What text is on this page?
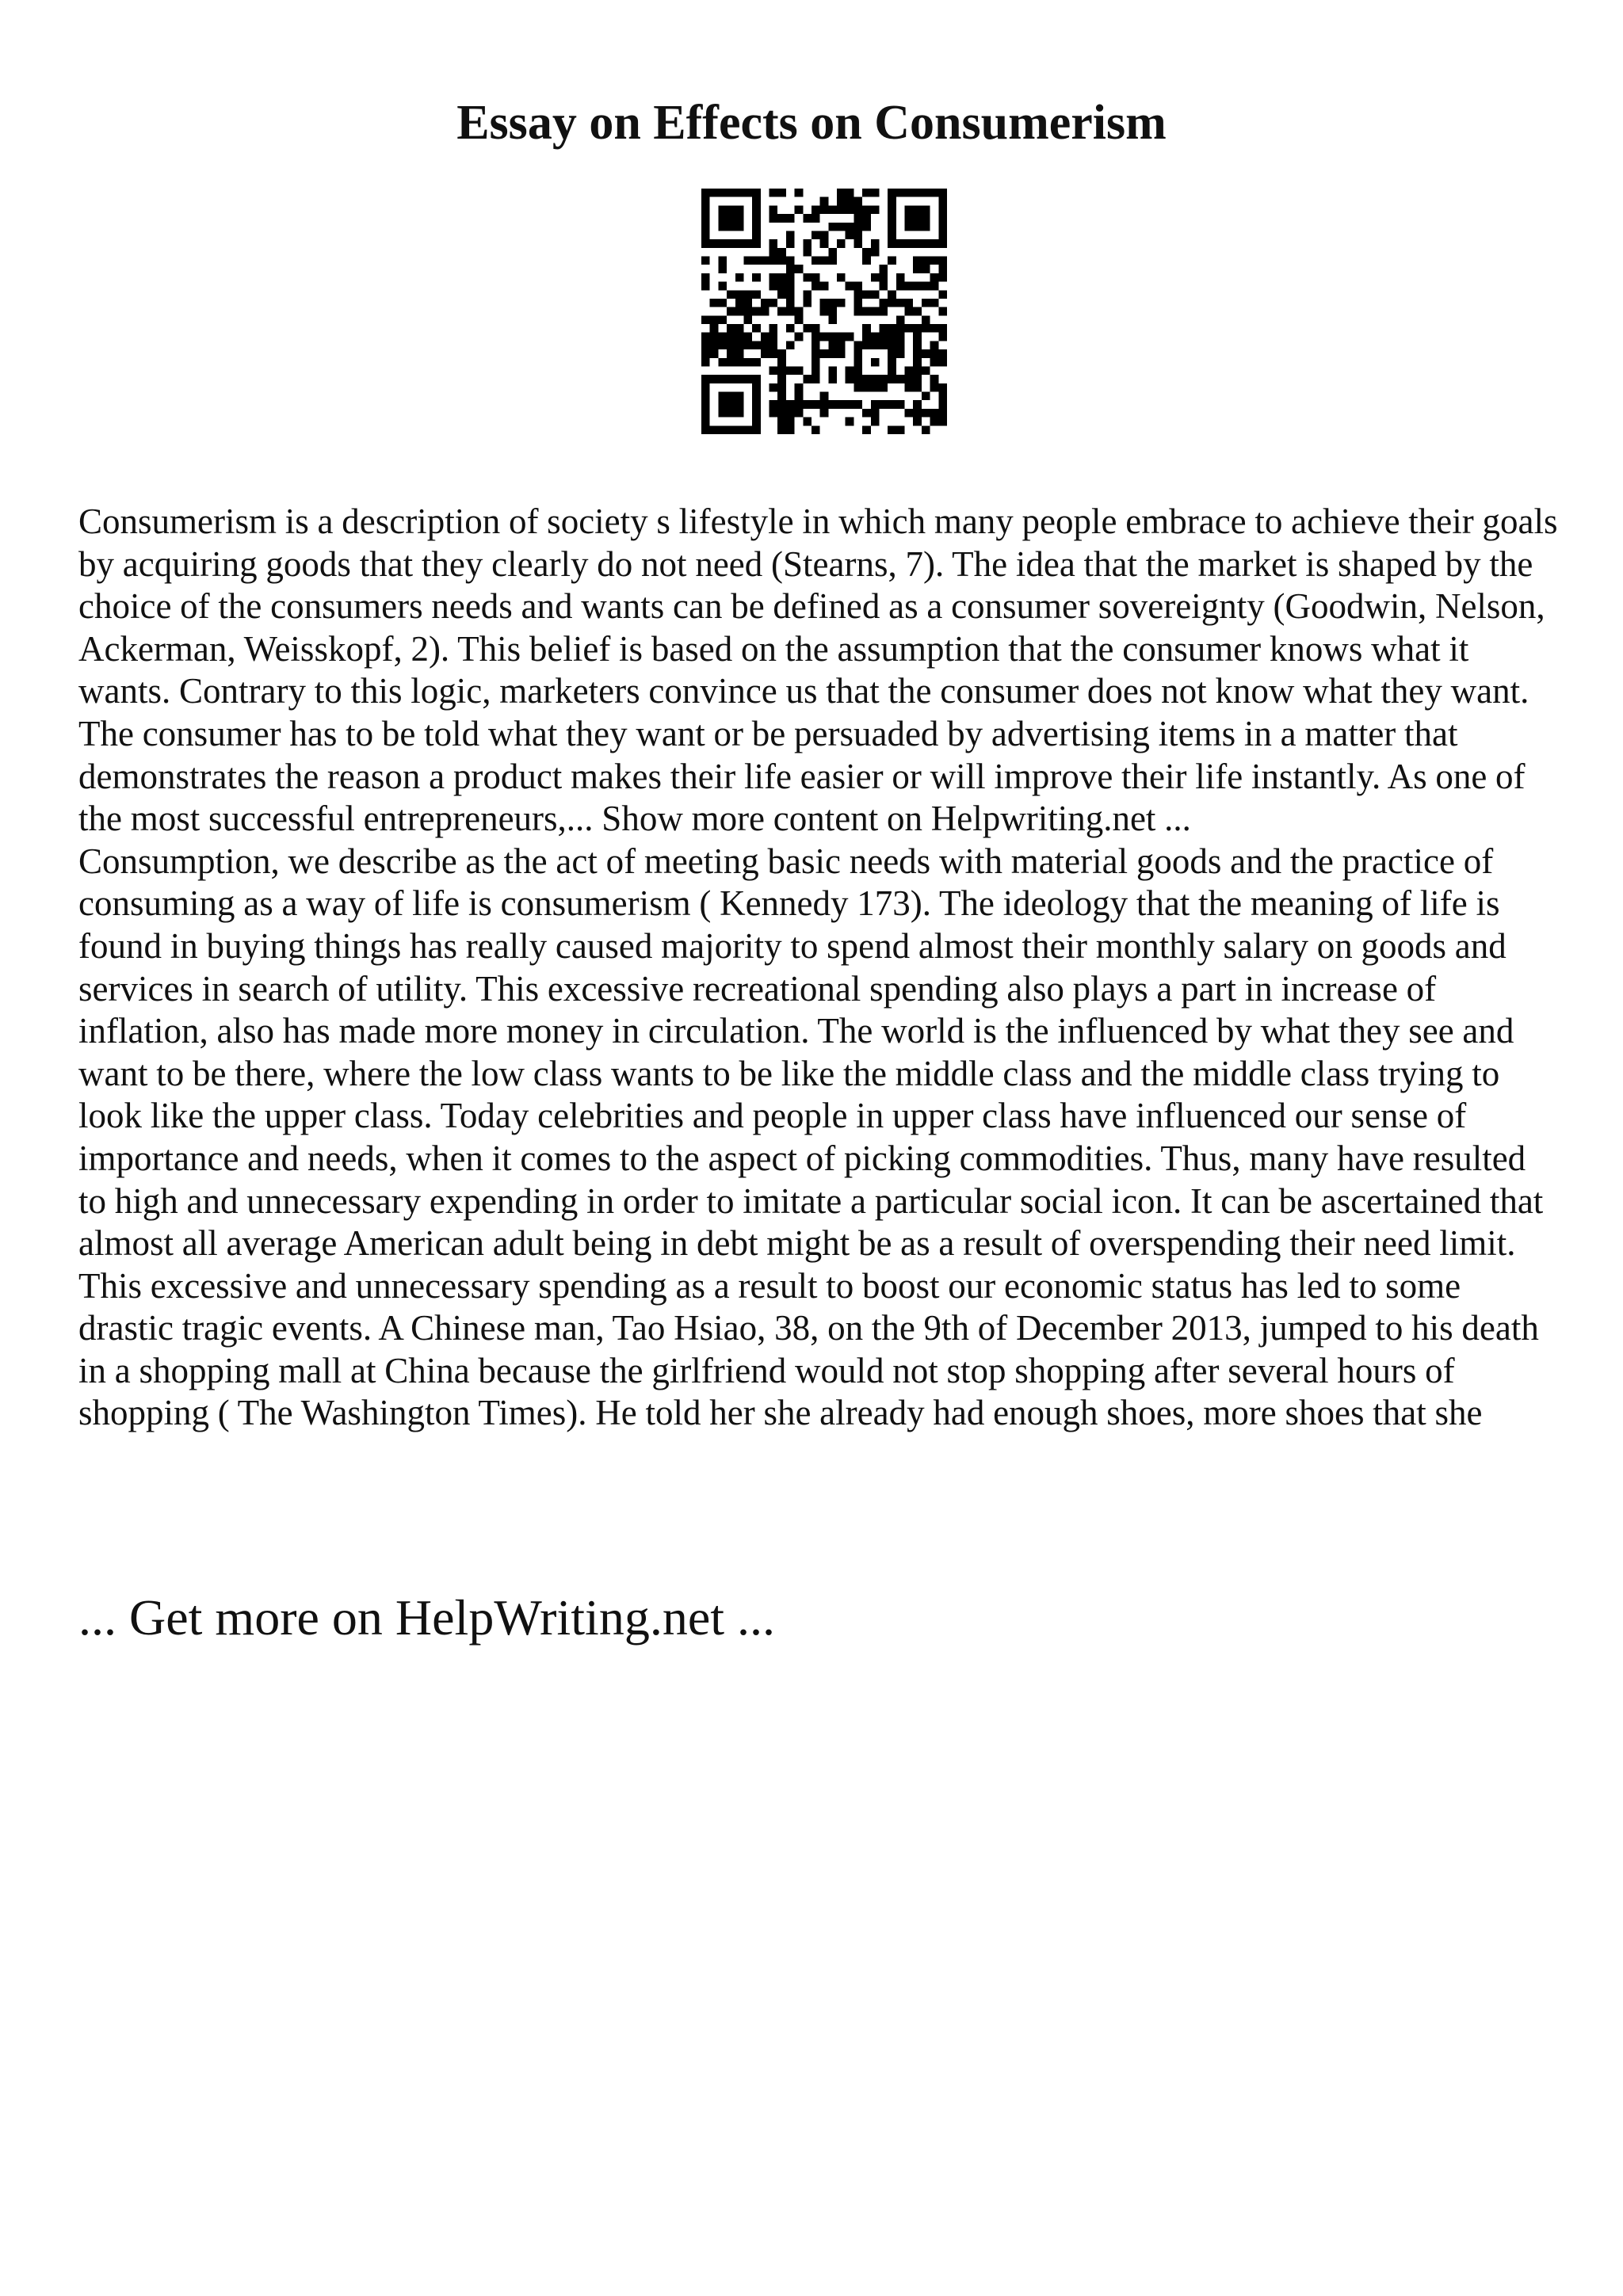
Essay on Effects on Consumerism

Consumerism is a description of society s lifestyle in which many people embrace to achieve their goals by acquiring goods that they clearly do not need (Stearns, 7). The idea that the market is shaped by the choice of the consumers needs and wants can be defined as a consumer sovereignty (Goodwin, Nelson, Ackerman, Weisskopf, 2). This belief is based on the assumption that the consumer knows what it wants. Contrary to this logic, marketers convince us that the consumer does not know what they want. The consumer has to be told what they want or be persuaded by advertising items in a matter that demonstrates the reason a product makes their life easier or will improve their life instantly. As one of the most successful entrepreneurs,... Show more content on Helpwriting.net ...

Consumption, we describe as the act of meeting basic needs with material goods and the practice of consuming as a way of life is consumerism ( Kennedy 173). The ideology that the meaning of life is found in buying things has really caused majority to spend almost their monthly salary on goods and services in search of utility. This excessive recreational spending also plays a part in increase of inflation, also has made more money in circulation. The world is the influenced by what they see and want to be there, where the low class wants to be like the middle class and the middle class trying to look like the upper class. Today celebrities and people in upper class have influenced our sense of importance and needs, when it comes to the aspect of picking commodities. Thus, many have resulted to high and unnecessary expending in order to imitate a particular social icon. It can be ascertained that almost all average American adult being in debt might be as a result of overspending their need limit. This excessive and unnecessary spending as a result to boost our economic status has led to some drastic tragic events. A Chinese man, Tao Hsiao, 38, on the 9th of December 2013, jumped to his death in a shopping mall at China because the girlfriend would not stop shopping after several hours of shopping ( The Washington Times). He told her she already had enough shoes, more shoes that she

... Get more on HelpWriting.net ...
